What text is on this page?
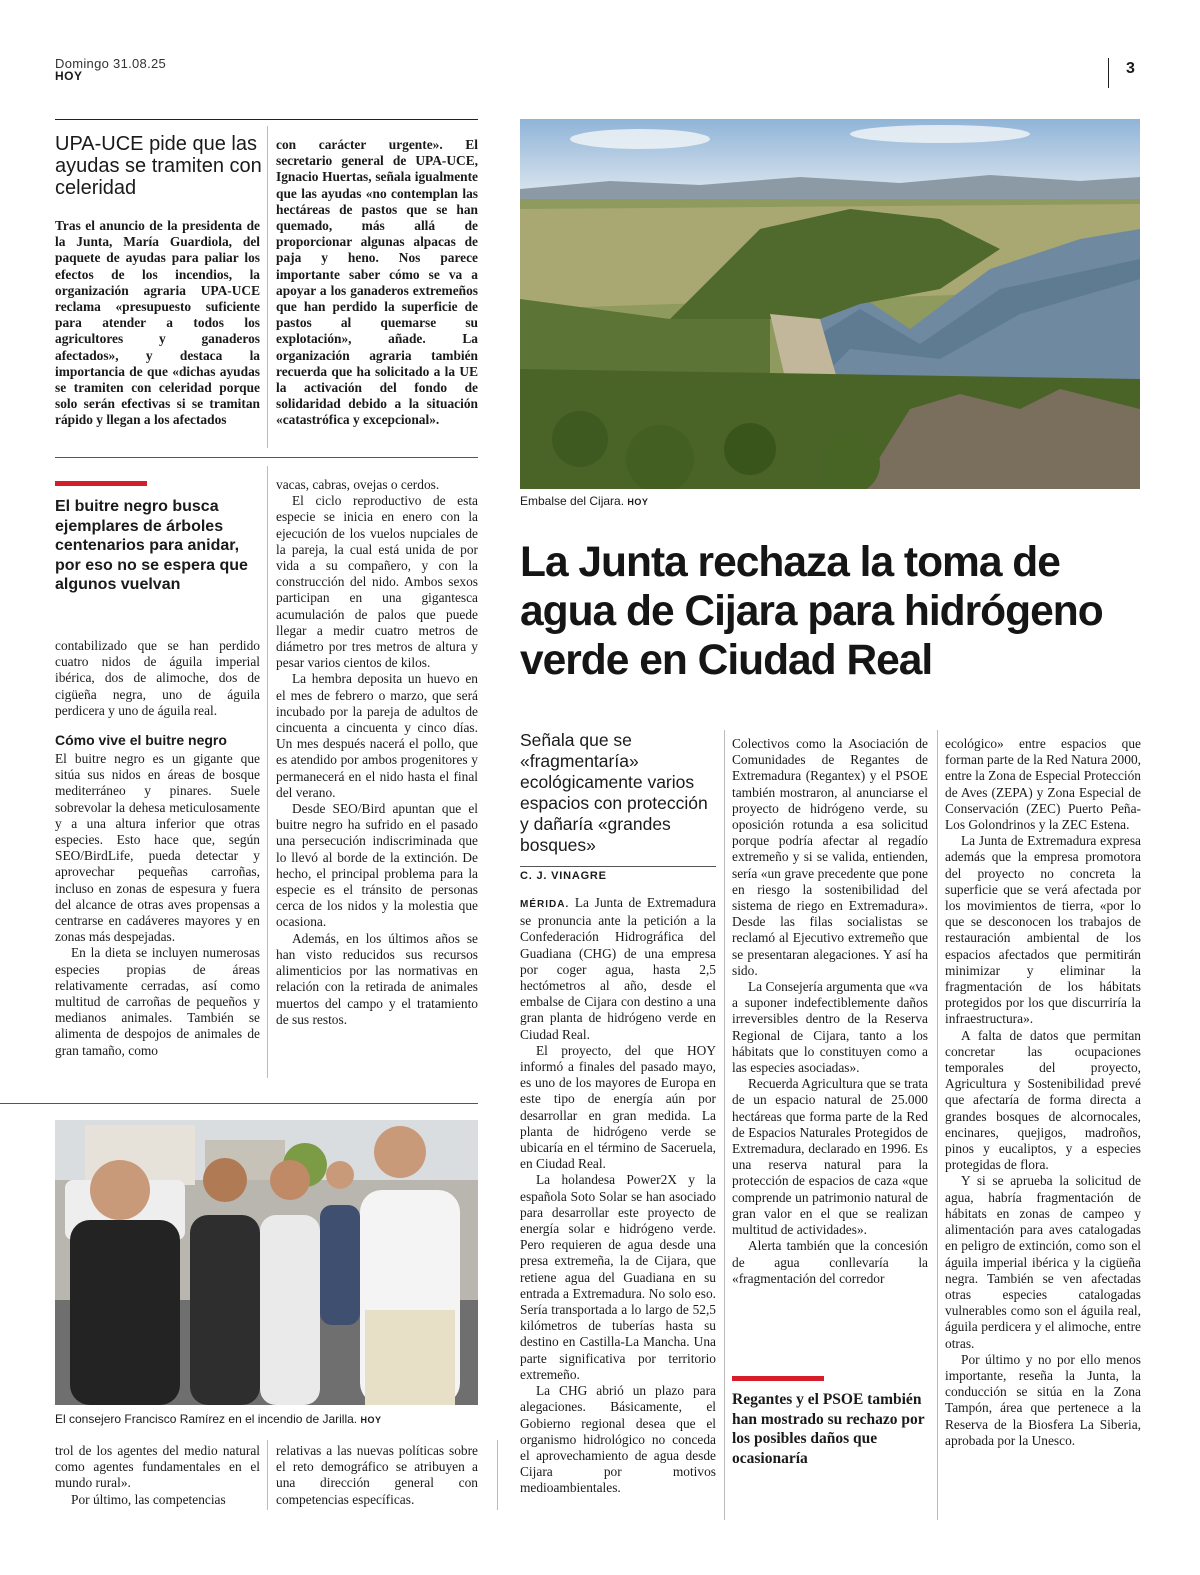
Domingo 31.08.25
HOY	3
UPA-UCE pide que las ayudas se tramiten con celeridad

Tras el anuncio de la presidenta de la Junta, María Guardiola, del paquete de ayudas para paliar los efectos de los incendios, la organización agraria UPA-UCE reclama «presupuesto suficiente para atender a todos los agricultores y ganaderos afectados», y destaca la importancia de que «dichas ayudas se tramiten con celeridad porque solo serán efectivas si se tramitan rápido y llegan a los afectados

con carácter urgente». El secretario general de UPA-UCE, Ignacio Huertas, señala igualmente que las ayudas «no contemplan las hectáreas de pastos que se han quemado, más allá de proporcionar algunas alpacas de paja y heno. Nos parece importante saber cómo se va a apoyar a los ganaderos extremeños que han perdido la superficie de pastos al quemarse su explotación», añade. La organización agraria también recuerda que ha solicitado a la UE la activación del fondo de solidaridad debido a la situación «catastrófica y excepcional».

El buitre negro busca ejemplares de árboles centenarios para anidar, por eso no se espera que algunos vuelvan

contabilizado que se han perdido cuatro nidos de águila imperial ibérica, dos de alimoche, dos de cigüeña negra, uno de águila perdicera y uno de águila real.

Cómo vive el buitre negro

El buitre negro es un gigante que sitúa sus nidos en áreas de bosque mediterráneo y pinares. Suele sobrevolar la dehesa meticulosamente y a una altura inferior que otras especies. Esto hace que, según SEO/BirdLife, pueda detectar y aprovechar pequeñas carroñas, incluso en zonas de espesura y fuera del alcance de otras aves propensas a centrarse en cadáveres mayores y en zonas más despejadas.

En la dieta se incluyen numerosas especies propias de áreas relativamente cerradas, así como multitud de carroñas de pequeños y medianos animales. También se alimenta de despojos de animales de gran tamaño, como

vacas, cabras, ovejas o cerdos.

El ciclo reproductivo de esta especie se inicia en enero con la ejecución de los vuelos nupciales de la pareja, la cual está unida de por vida a su compañero, y con la construcción del nido. Ambos sexos participan en una gigantesca acumulación de palos que puede llegar a medir cuatro metros de diámetro por tres metros de altura y pesar varios cientos de kilos.

La hembra deposita un huevo en el mes de febrero o marzo, que será incubado por la pareja de adultos de cincuenta a cincuenta y cinco días. Un mes después nacerá el pollo, que es atendido por ambos progenitores y permanecerá en el nido hasta el final del verano.

Desde SEO/Bird apuntan que el buitre negro ha sufrido en el pasado una persecución indiscriminada que lo llevó al borde de la extinción. De hecho, el principal problema para la especie es el tránsito de personas cerca de los nidos y la molestia que ocasiona.

Además, en los últimos años se han visto reducidos sus recursos alimenticios por las normativas en relación con la retirada de animales muertos del campo y el tratamiento de sus restos.

Embalse del Cijara. HOY
La Junta rechaza la toma de agua de Cijara para hidrógeno verde en Ciudad Real
Señala que se «fragmentaría» ecológicamente varios espacios con protección y dañaría «grandes bosques»
C. J. VINAGRE

MÉRIDA. La Junta de Extremadura se pronuncia ante la petición a la Confederación Hidrográfica del Guadiana (CHG) de una empresa por coger agua, hasta 2,5 hectómetros al año, desde el embalse de Cijara con destino a una gran planta de hidrógeno verde en Ciudad Real.

El proyecto, del que HOY informó a finales del pasado mayo, es uno de los mayores de Europa en este tipo de energía aún por desarrollar en gran medida. La planta de hidrógeno verde se ubicaría en el término de Saceruela, en Ciudad Real.

La holandesa Power2X y la española Soto Solar se han asociado para desarrollar este proyecto de energía solar e hidrógeno verde. Pero requieren de agua desde una presa extremeña, la de Cijara, que retiene agua del Guadiana en su entrada a Extremadura. No solo eso. Sería transportada a lo largo de 52,5 kilómetros de tuberías hasta su destino en Castilla-La Mancha. Una parte significativa por territorio extremeño.

La CHG abrió un plazo para alegaciones. Básicamente, el Gobierno regional desea que el organismo hidrológico no conceda el aprovechamiento de agua desde Cijara por motivos medioambientales.

Colectivos como la Asociación de Comunidades de Regantes de Extremadura (Regantex) y el PSOE también mostraron, al anunciarse el proyecto de hidrógeno verde, su oposición rotunda a esa solicitud porque podría afectar al regadío extremeño y si se valida, entienden, sería «un grave precedente que pone en riesgo la sostenibilidad del sistema de riego en Extremadura». Desde las filas socialistas se reclamó al Ejecutivo extremeño que se presentaran alegaciones. Y así ha sido.

La Consejería argumenta que «va a suponer indefectiblemente daños irreversibles dentro de la Reserva Regional de Cijara, tanto a los hábitats que lo constituyen como a las especies asociadas».

Recuerda Agricultura que se trata de un espacio natural de 25.000 hectáreas que forma parte de la Red de Espacios Naturales Protegidos de Extremadura, declarado en 1996. Es una reserva natural para la protección de espacios de caza «que comprende un patrimonio natural de gran valor en el que se realizan multitud de actividades».

Alerta también que la concesión de agua conllevaría la «fragmentación del corredor

Regantes y el PSOE también han mostrado su rechazo por los posibles daños que ocasionaría

ecológico» entre espacios que forman parte de la Red Natura 2000, entre la Zona de Especial Protección de Aves (ZEPA) y Zona Especial de Conservación (ZEC) Puerto Peña-Los Golondrinos y la ZEC Estena.

La Junta de Extremadura expresa además que la empresa promotora del proyecto no concreta la superficie que se verá afectada por los movimientos de tierra, «por lo que se desconocen los trabajos de restauración ambiental de los espacios afectados que permitirán minimizar y eliminar la fragmentación de los hábitats protegidos por los que discurriría la infraestructura».

A falta de datos que permitan concretar las ocupaciones temporales del proyecto, Agricultura y Sostenibilidad prevé que afectaría de forma directa a grandes bosques de alcornocales, encinares, quejigos, madroños, pinos y eucaliptos, y a especies protegidas de flora.

Y si se aprueba la solicitud de agua, habría fragmentación de hábitats en zonas de campeo y alimentación para aves catalogadas en peligro de extinción, como son el águila imperial ibérica y la cigüeña negra. También se ven afectadas otras especies catalogadas vulnerables como son el águila real, águila perdicera y el alimoche, entre otras.

Por último y no por ello menos importante, reseña la Junta, la conducción se sitúa en la Zona Tampón, área que pertenece a la Reserva de la Biosfera La Siberia, aprobada por la Unesco.

El consejero Francisco Ramírez en el incendio de Jarilla. HOY

trol de los agentes del medio natural como agentes fundamentales en el mundo rural».

Por último, las competencias

relativas a las nuevas políticas sobre el reto demográfico se atribuyen a una dirección general con competencias específicas.
